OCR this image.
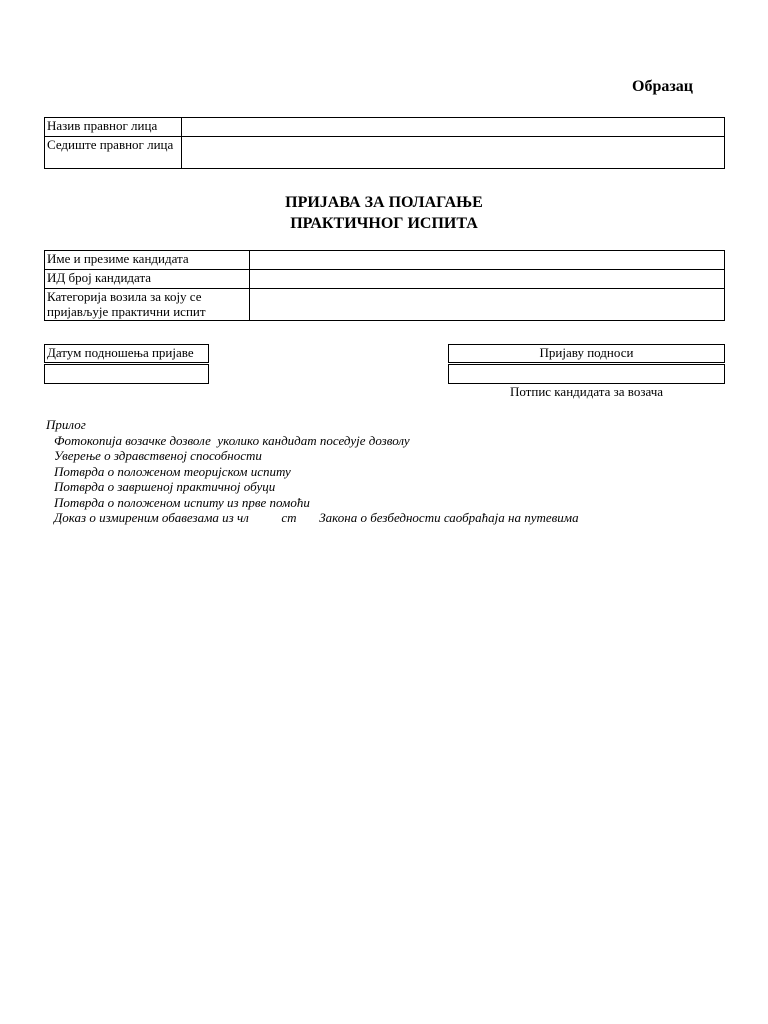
Образац
Назив правног лица	
Седиште правног лица	
ПРИЈАВА ЗА ПОЛАГАЊЕ
ПРАКТИЧНОГ ИСПИТА
Име и презиме кандидата	
ИД број кандидата	
Категорија возила за коју се пријављује практични испит	
Датум подношења пријаве	Пријаву подноси
Потпис кандидата за возача
Прилог
Фотокопија возачке дозволе  уколико кандидат поседује дозволу
Уверење о здравственој способности
Потврда о положеном теоријском испиту
Потврда о завршеној практичној обуци
Потврда о положеном испиту из прве помоћи
Доказ о измиреним обавезама из чл          ст       Закона о безбедности саобраћаја на путевима
